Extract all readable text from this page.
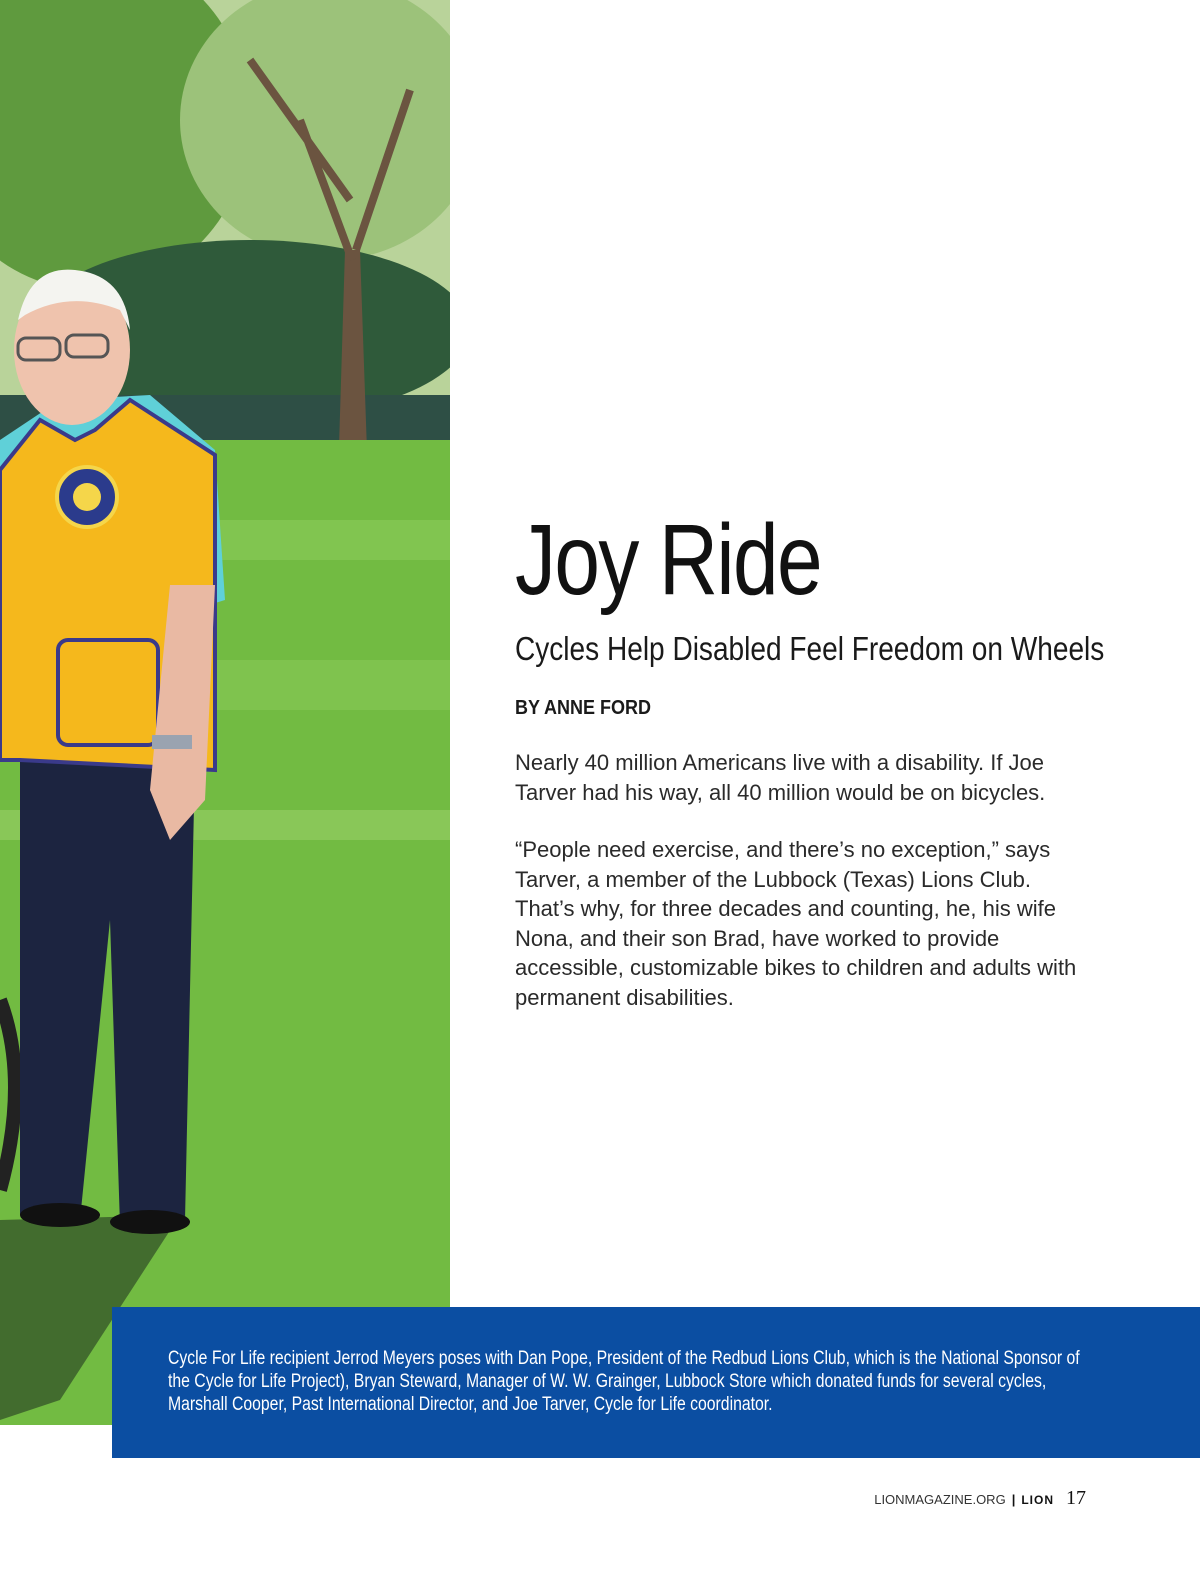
Joy Ride
Cycles Help Disabled Feel Freedom on Wheels
BY ANNE FORD

Nearly 40 million Americans live with a disability. If Joe Tarver had his way, all 40 million would be on bicycles.

“People need exercise, and there’s no exception,” says Tarver, a member of the Lubbock (Texas) Lions Club. That’s why, for three decades and counting, he, his wife Nona, and their son Brad, have worked to provide accessible, customizable bikes to children and adults with permanent disabilities.

Cycle For Life recipient Jerrod Meyers poses with Dan Pope, President of the Redbud Lions Club, which is the National Sponsor of the Cycle for Life Project), Bryan Steward, Manager of W. W. Grainger, Lubbock Store which donated funds for several cycles, Marshall Cooper, Past International Director, and Joe Tarver, Cycle for Life coordinator.

LIONMAGAZINE.ORG | LION 17
